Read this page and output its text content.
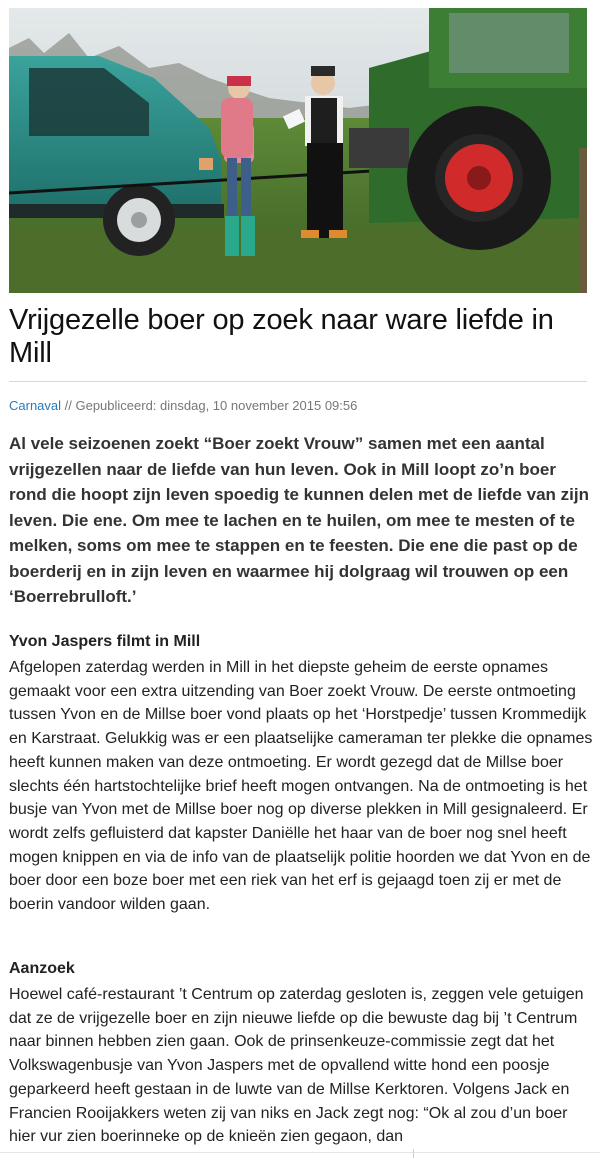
Vrijgezelle boer op zoek naar ware liefde in Mill
Carnaval // Gepubliceerd: dinsdag, 10 november 2015 09:56

Al vele seizoenen zoekt “Boer zoekt Vrouw” samen met een aantal vrijgezellen naar de liefde van hun leven. Ook in Mill loopt zo’n boer rond die hoopt zijn leven spoedig te kunnen delen met de liefde van zijn leven. Die ene. Om mee te lachen en te huilen, om mee te mesten of te melken, soms om mee te stappen en te feesten. Die ene die past op de boerderij en in zijn leven en waarmee hij dolgraag wil trouwen op een ‘Boerrebrulloft.’

Yvon Jaspers filmt in Mill

Afgelopen zaterdag werden in Mill in het diepste geheim de eerste opnames gemaakt voor een extra uitzending van Boer zoekt Vrouw. De eerste ontmoeting tussen Yvon en de Millse boer vond plaats op het ‘Horstpedje’ tussen Krommedijk en Karstraat. Gelukkig was er een plaatselijke cameraman ter plekke die opnames heeft kunnen maken van deze ontmoeting. Er wordt gezegd dat de Millse boer slechts één hartstochtelijke brief heeft mogen ontvangen. Na de ontmoeting is het busje van Yvon met de Millse boer nog op diverse plekken in Mill gesignaleerd. Er wordt zelfs gefluisterd dat kapster Daniëlle het haar van de boer nog snel heeft mogen knippen en via de info van de plaatselijk politie hoorden we dat Yvon en de boer door een boze boer met een riek van het erf is gejaagd toen zij er met de boerin vandoor wilden gaan.

Aanzoek

Hoewel café-restaurant ’t Centrum op zaterdag gesloten is, zeggen vele getuigen dat ze de vrijgezelle boer en zijn nieuwe liefde op die bewuste dag bij ’t Centrum naar binnen hebben zien gaan. Ook de prinsenkeuze-commissie zegt dat het Volkswagenbusje van Yvon Jaspers met de opvallend witte hond een poosje geparkeerd heeft gestaan in de luwte van de Millse Kerktoren. Volgens Jack en Francien Rooijakkers weten zij van niks en Jack zegt nog: “Ok al zou d’un boer hier vur zien boerinneke op de knieën zien gegaon, dan
